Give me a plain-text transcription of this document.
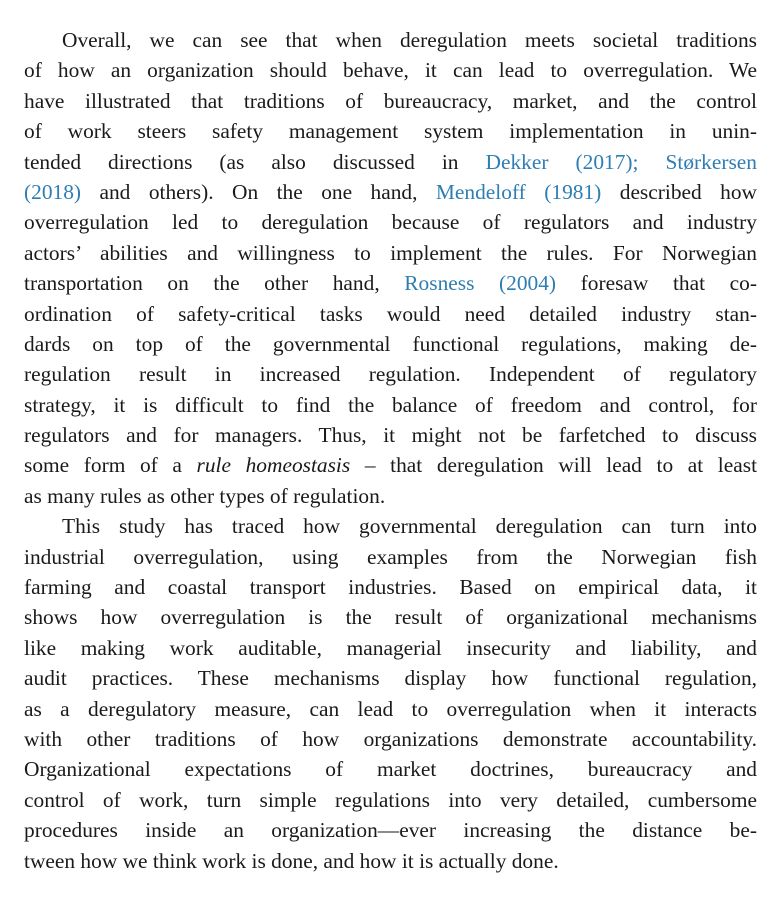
Overall, we can see that when deregulation meets societal traditions
of how an organization should behave, it can lead to overregulation. We
have illustrated that traditions of bureaucracy, market, and the control
of work steers safety management system implementation in unin-
tended directions (as also discussed in Dekker (2017); Størkersen
(2018) and others). On the one hand, Mendeloff (1981) described how
overregulation led to deregulation because of regulators and industry
actors’ abilities and willingness to implement the rules. For Norwegian
transportation on the other hand, Rosness (2004) foresaw that co-
ordination of safety-critical tasks would need detailed industry stan-
dards on top of the governmental functional regulations, making de-
regulation result in increased regulation. Independent of regulatory
strategy, it is difficult to find the balance of freedom and control, for
regulators and for managers. Thus, it might not be farfetched to discuss
some form of a rule homeostasis – that deregulation will lead to at least
as many rules as other types of regulation.
This study has traced how governmental deregulation can turn into
industrial overregulation, using examples from the Norwegian fish
farming and coastal transport industries. Based on empirical data, it
shows how overregulation is the result of organizational mechanisms
like making work auditable, managerial insecurity and liability, and
audit practices. These mechanisms display how functional regulation,
as a deregulatory measure, can lead to overregulation when it interacts
with other traditions of how organizations demonstrate accountability.
Organizational expectations of market doctrines, bureaucracy and
control of work, turn simple regulations into very detailed, cumbersome
procedures inside an organization—ever increasing the distance be-
tween how we think work is done, and how it is actually done.
